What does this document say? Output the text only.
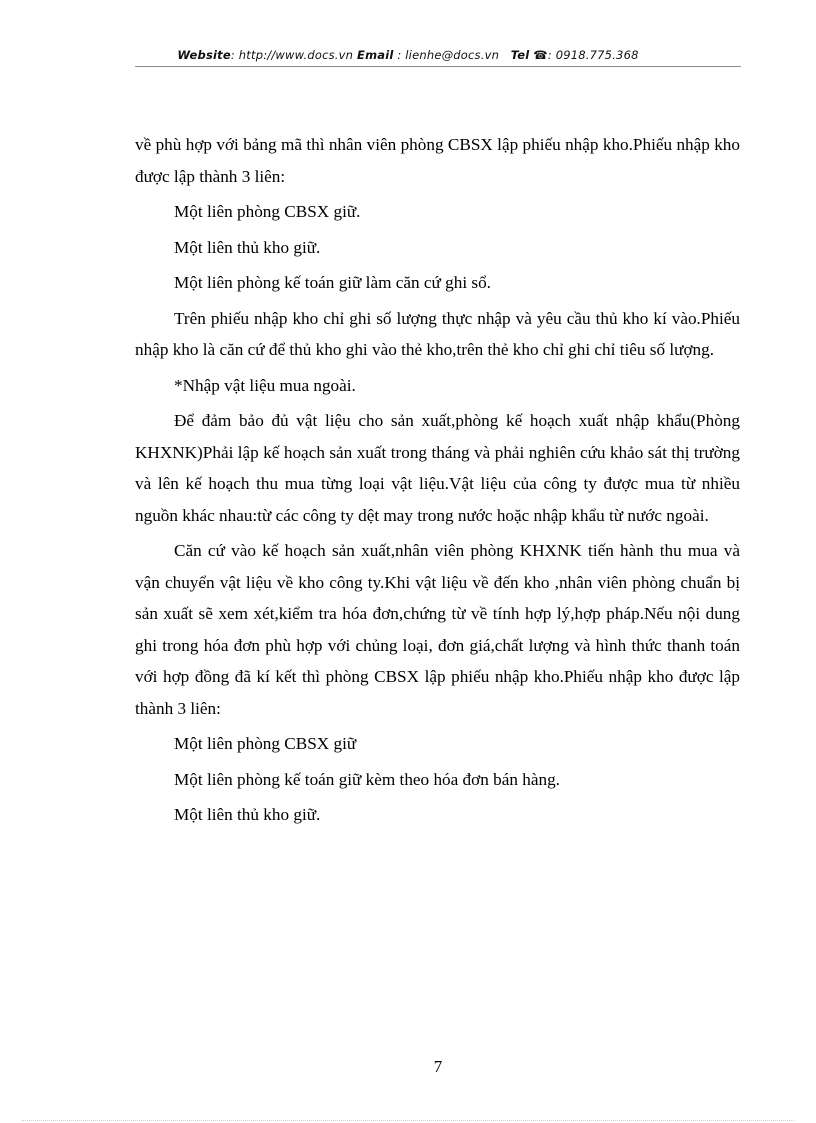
Website: http://www.docs.vn Email : lienhe@docs.vn Tel ☎: 0918.775.368

về phù hợp với bảng mã thì nhân viên phòng CBSX lập phiếu nhập kho.Phiếu nhập kho được lập thành 3 liên:

Một liên phòng CBSX giữ.

Một liên thủ kho giữ.

Một liên phòng kế toán giữ làm căn cứ ghi sổ.

Trên phiếu nhập kho chỉ ghi số lượng thực nhập và yêu cầu thủ kho kí vào.Phiếu nhập kho là căn cứ để thủ kho ghi vào thẻ kho,trên thẻ kho chỉ ghi chỉ tiêu số lượng.

*Nhập vật liệu mua ngoài.

Để đảm bảo đủ vật liệu cho sản xuất,phòng kế hoạch xuất nhập khẩu(Phòng KHXNK)Phải lập kế hoạch sản xuất trong tháng và phải nghiên cứu khảo sát thị trường và lên kế hoạch thu mua từng loại vật liệu.Vật liệu của công ty được mua từ nhiều nguồn khác nhau:từ các công ty dệt may trong nước hoặc nhập khẩu từ nước ngoài.

Căn cứ vào kế hoạch sản xuất,nhân viên phòng KHXNK tiến hành thu mua và vận chuyển vật liệu về kho công ty.Khi vật liệu về đến kho ,nhân viên phòng chuẩn bị sản xuất sẽ xem xét,kiểm tra hóa đơn,chứng từ về tính hợp lý,hợp pháp.Nếu nội dung ghi trong hóa đơn phù hợp với chủng loại, đơn giá,chất lượng và hình thức thanh toán với hợp đồng đã kí kết thì phòng CBSX lập phiếu nhập kho.Phiếu nhập kho được lập thành 3 liên:

Một liên phòng CBSX giữ

Một liên phòng kế toán giữ kèm theo hóa đơn bán hàng.

Một liên thủ kho giữ.

7
